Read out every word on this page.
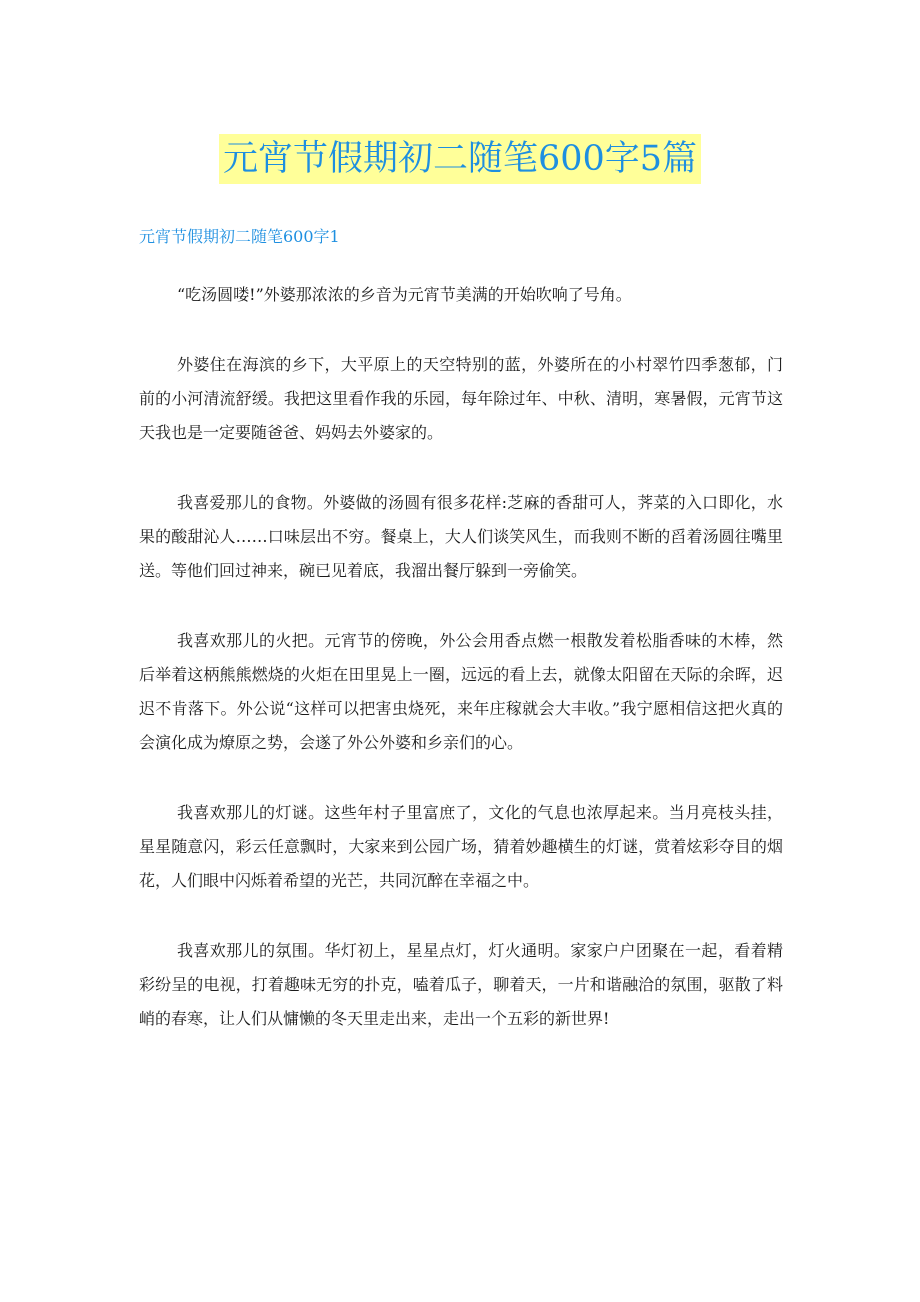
元宵节假期初二随笔600字5篇
元宵节假期初二随笔600字1

“吃汤圆喽!”外婆那浓浓的乡音为元宵节美满的开始吹响了号角。

外婆住在海滨的乡下，大平原上的天空特别的蓝，外婆所在的小村翠竹四季葱郁，门前的小河清流舒缓。我把这里看作我的乐园，每年除过年、中秋、清明，寒暑假，元宵节这天我也是一定要随爸爸、妈妈去外婆家的。

我喜爱那儿的食物。外婆做的汤圆有很多花样:芝麻的香甜可人，荠菜的入口即化，水果的酸甜沁人……口味层出不穷。餐桌上，大人们谈笑风生，而我则不断的舀着汤圆往嘴里送。等他们回过神来，碗已见着底，我溜出餐厅躲到一旁偷笑。

我喜欢那儿的火把。元宵节的傍晚，外公会用香点燃一根散发着松脂香味的木棒，然后举着这柄熊熊燃烧的火炬在田里晃上一圈，远远的看上去，就像太阳留在天际的余晖，迟迟不肯落下。外公说“这样可以把害虫烧死，来年庄稼就会大丰收。”我宁愿相信这把火真的会演化成为燎原之势，会遂了外公外婆和乡亲们的心。

我喜欢那儿的灯谜。这些年村子里富庶了，文化的气息也浓厚起来。当月亮枝头挂，星星随意闪，彩云任意飘时，大家来到公园广场，猜着妙趣横生的灯谜，赏着炫彩夺目的烟花，人们眼中闪烁着希望的光芒，共同沉醉在幸福之中。

我喜欢那儿的氛围。华灯初上，星星点灯，灯火通明。家家户户团聚在一起，看着精彩纷呈的电视，打着趣味无穷的扑克，嗑着瓜子，聊着天，一片和谐融洽的氛围，驱散了料峭的春寒，让人们从慵懒的冬天里走出来，走出一个五彩的新世界!
